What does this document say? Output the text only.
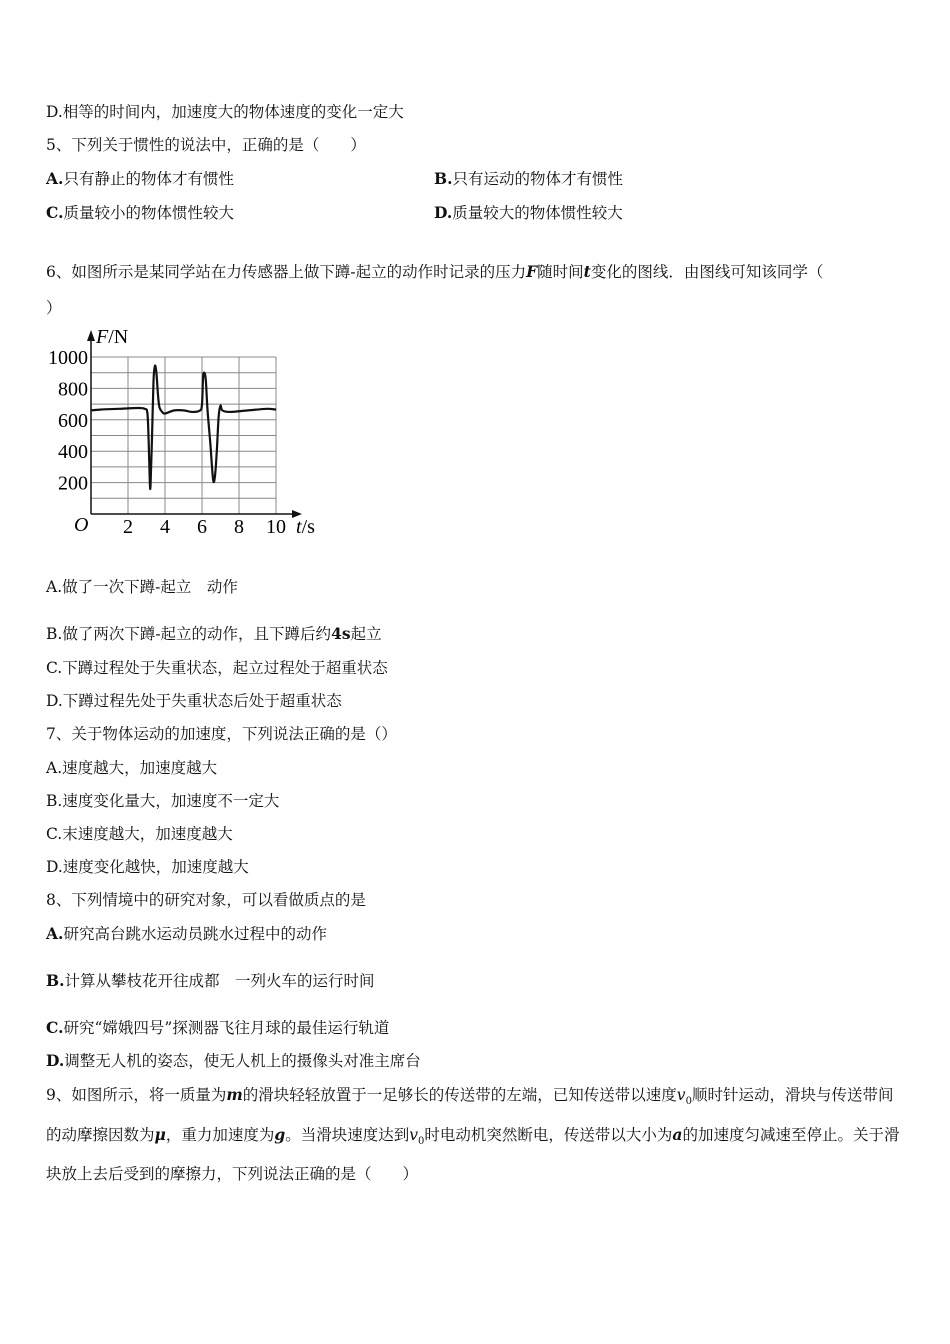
D.相等的时间内，加速度大的物体速度的变化一定大
5、下列关于惯性的说法中，正确的是（　　）
A.只有静止的物体才有惯性	B.只有运动的物体才有惯性
C.质量较小的物体惯性较大	D.质量较大的物体惯性较大
6、如图所示是某同学站在力传感器上做下蹲-起立的动作时记录的压力F随时间t变化的图线．由图线可知该同学（
）
2 4 6 8 10
200
400
600
800
1000
F/N
t/s
O
A.做了一次下蹲-起立　动作
B.做了两次下蹲-起立的动作，且下蹲后约4s起立
C.下蹲过程处于失重状态，起立过程处于超重状态
D.下蹲过程先处于失重状态后处于超重状态
7、关于物体运动的加速度，下列说法正确的是（）
A.速度越大，加速度越大
B.速度变化量大，加速度不一定大
C.末速度越大，加速度越大
D.速度变化越快，加速度越大
8、下列情境中的研究对象，可以看做质点的是
A.研究高台跳水运动员跳水过程中的动作
B.计算从攀枝花开往成都　一列火车的运行时间
C.研究“嫦娥四号”探测器飞往月球的最佳运行轨道
D.调整无人机的姿态，使无人机上的摄像头对准主席台
9、如图所示，将一质量为m的滑块轻轻放置于一足够长的传送带的左端，已知传送带以速度$v_0$顺时针运动，滑块与传送带间的动摩擦因数为μ，重力加速度为g。当滑块速度达到$v_0$时电动机突然断电，传送带以大小为a的加速度匀减速至停止。关于滑块放上去后受到的摩擦力，下列说法正确的是（　　）
